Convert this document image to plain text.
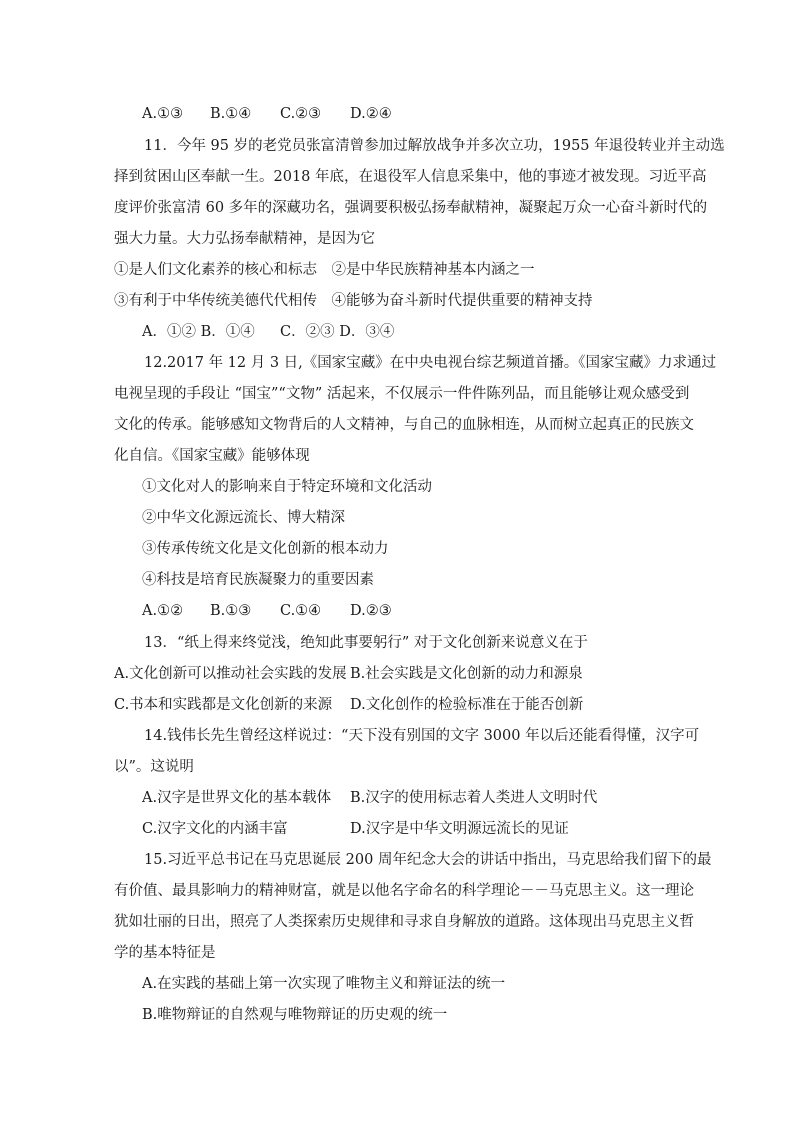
A.①③ B.①④ C.②③ D.②④
11．今年 95 岁的老党员张富清曾参加过解放战争并多次立功，1955 年退役转业并主动选
择到贫困山区奉献一生。2018 年底，在退役军人信息采集中，他的事迹才被发现。习近平高
度评价张富清 60 多年的深藏功名，强调要积极弘扬奉献精神，凝聚起万众一心奋斗新时代的
强大力量。大力弘扬奉献精神，是因为它
①是人们文化素养的核心和标志　②是中华民族精神基本内涵之一
③有利于中华传统美德代代相传　④能够为奋斗新时代提供重要的精神支持
A．①② B．①④ C．②③ D．③④
12.2017 年 12 月 3 日,《国家宝藏》在中央电视台综艺频道首播。《国家宝藏》力求通过
电视呈现的手段让 “国宝”“文物” 活起来，不仅展示一件件陈列品，而且能够让观众感受到
文化的传承。能够感知文物背后的人文精神，与自己的血脉相连，从而树立起真正的民族文
化自信。《国家宝藏》能够体现
①文化对人的影响来自于特定环境和文化活动
②中华文化源远流长、博大精深
③传承传统文化是文化创新的根本动力
④科技是培育民族凝聚力的重要因素
A.①② B.①③ C.①④ D.②③
13．“纸上得来终觉浅，绝知此事要躬行” 对于文化创新来说意义在于
A.文化创新可以推动社会实践的发展 B.社会实践是文化创新的动力和源泉
C.书本和实践都是文化创新的来源 D.文化创作的检验标准在于能否创新
14.钱伟长先生曾经这样说过：“天下没有别国的文字 3000 年以后还能看得懂，汉字可
以”。这说明
A.汉字是世界文化的基本载体 B.汉字的使用标志着人类进人文明时代
C.汉字文化的内涵丰富	D.汉字是中华文明源远流长的见证
15.习近平总书记在马克思诞辰 200 周年纪念大会的讲话中指出，马克思给我们留下的最
有价值、最具影响力的精神财富，就是以他名字命名的科学理论－－马克思主义。这一理论
犹如壮丽的日出，照亮了人类探索历史规律和寻求自身解放的道路。这体现出马克思主义哲
学的基本特征是
A.在实践的基础上第一次实现了唯物主义和辩证法的统一
B.唯物辩证的自然观与唯物辩证的历史观的统一
